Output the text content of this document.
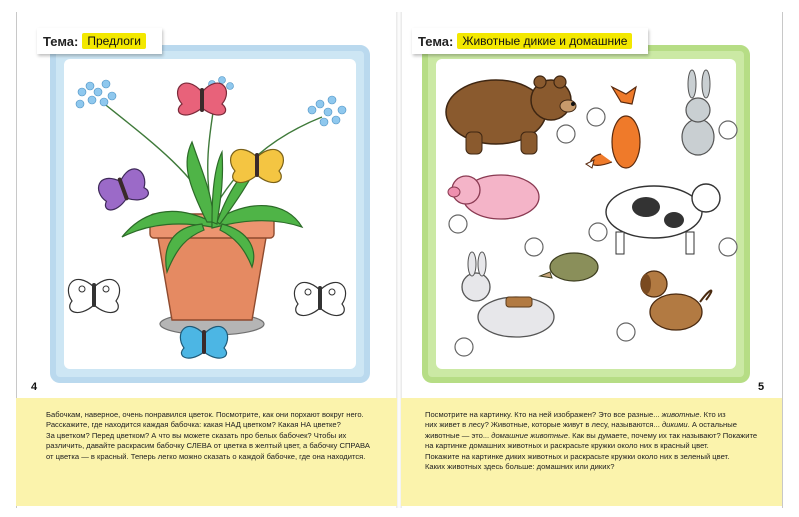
Тема: Предлоги	Тема: Животные дикие и домашние
4	5
Бабочкам, наверное, очень понравился цветок. Посмотрите, как они порхают вокруг него.
Расскажите, где находится каждая бабочка: какая НАД цветком? Какая НА цветке?
За цветком? Перед цветком? А что вы можете сказать про белых бабочек? Чтобы их
различить, давайте раскрасим бабочку СЛЕВА от цветка в желтый цвет, а бабочку СПРАВА
от цветка — в красный. Теперь легко можно сказать о каждой бабочке, где она находится.
Посмотрите на картинку. Кто на ней изображен? Это все разные... животные. Кто из
них живет в лесу? Животные, которые живут в лесу, называются... дикими. А остальные
животные — это... домашние животные. Как вы думаете, почему их так называют? Покажите
на картинке домашних животных и раскрасьте кружки около них в красный цвет.
Покажите на картинке диких животных и раскрасьте кружки около них в зеленый цвет.
Каких животных здесь больше: домашних или диких?
